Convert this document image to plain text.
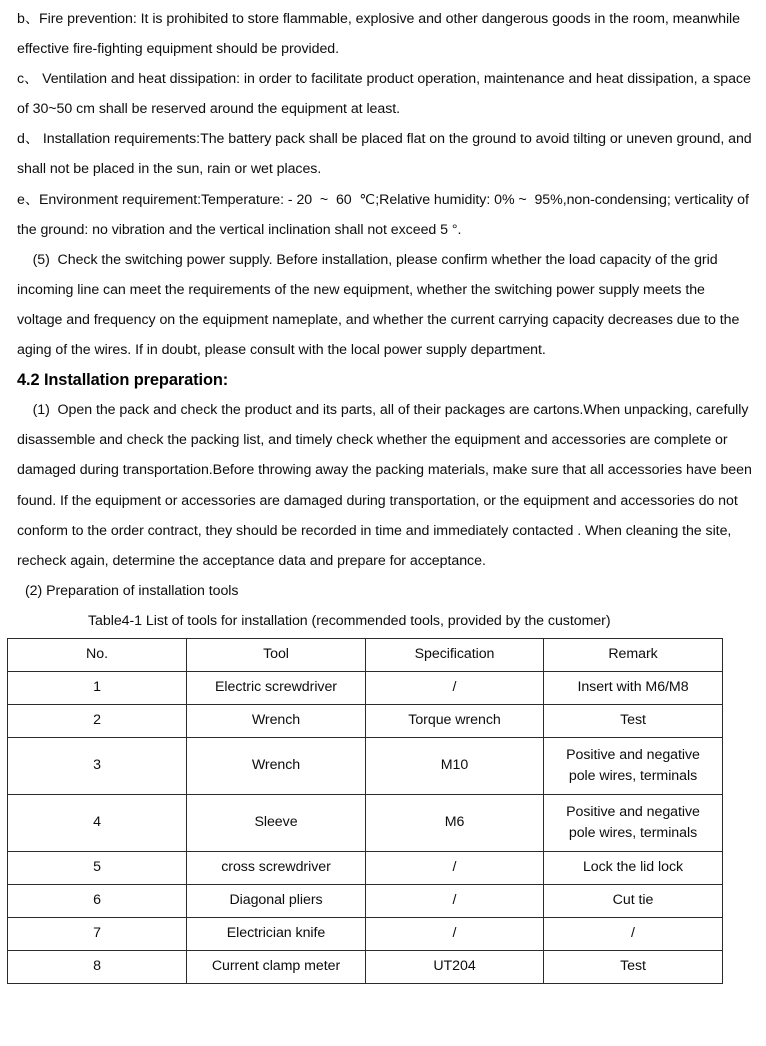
b、Fire prevention: It is prohibited to store flammable, explosive and other dangerous goods in the room, meanwhile effective fire-fighting equipment should be provided.

c、 Ventilation and heat dissipation: in order to facilitate product operation, maintenance and heat dissipation, a space of 30~50 cm shall be reserved around the equipment at least.

d、 Installation requirements:The battery pack shall be placed flat on the ground to avoid tilting or uneven ground, and shall not be placed in the sun, rain or wet places.

e、Environment requirement:Temperature: - 20  ~  60  ℃;Relative humidity: 0% ~  95%,non-condensing; verticality of the ground: no vibration and the vertical inclination shall not exceed 5 °.

(5)  Check the switching power supply. Before installation, please confirm whether the load capacity of the grid incoming line can meet the requirements of the new equipment, whether the switching power supply meets the voltage and frequency on the equipment nameplate, and whether the current carrying capacity decreases due to the aging of the wires. If in doubt, please consult with the local power supply department.

4.2 Installation preparation:

(1)  Open the pack and check the product and its parts, all of their packages are cartons.When unpacking, carefully disassemble and check the packing list, and timely check whether the equipment and accessories are complete or damaged during transportation.Before throwing away the packing materials, make sure that all accessories have been found. If the equipment or accessories are damaged during transportation, or the equipment and accessories do not conform to the order contract, they should be recorded in time and immediately contacted . When cleaning the site, recheck again, determine the acceptance data and prepare for acceptance.

(2) Preparation of installation tools

Table4-1 List of tools for installation (recommended tools, provided by the customer)

No.	Tool	Specification	Remark
1	Electric screwdriver	/	Insert with M6/M8
2	Wrench	Torque wrench	Test
3	Wrench	M10	Positive and negative
pole wires, terminals

4	Sleeve	M6	Positive and negative
pole wires, terminals

5	cross screwdriver	/	Lock the lid lock
6	Diagonal pliers	/	Cut tie
7	Electrician knife	/	/
8	Current clamp meter	UT204	Test
